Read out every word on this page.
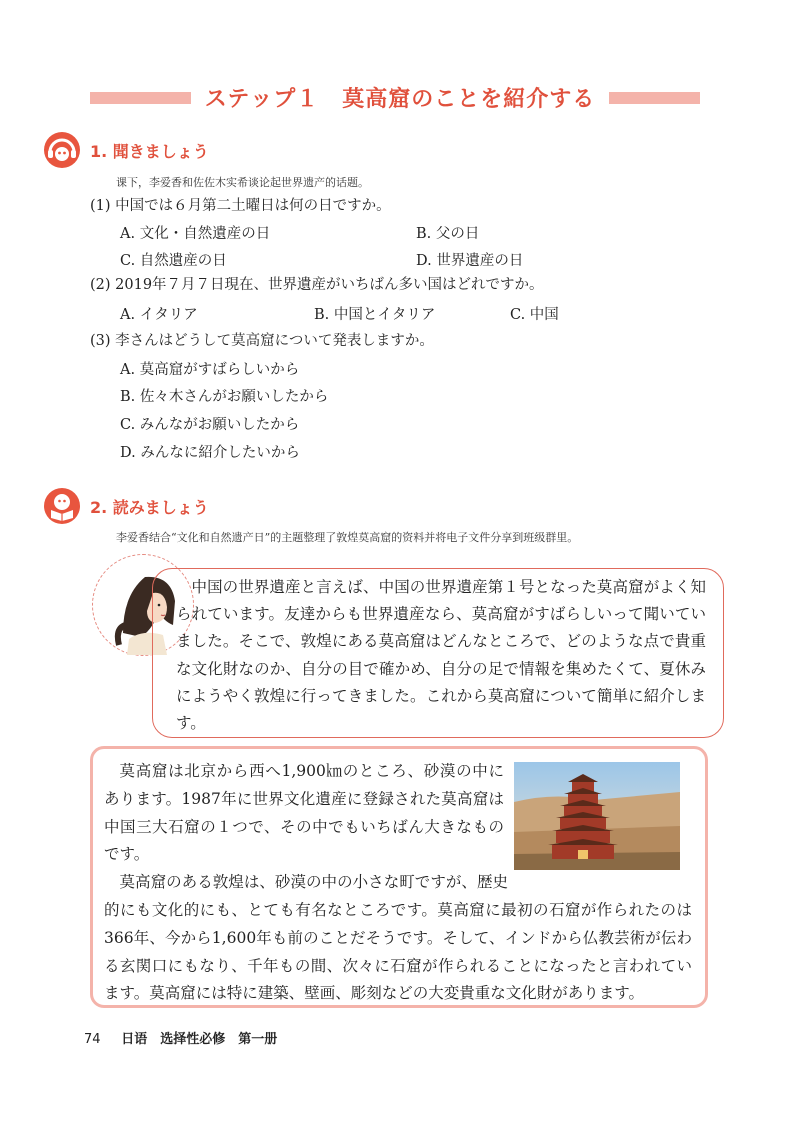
ステップ１　莫高窟のことを紹介する
1. 聞きましょう
课下，李爱香和佐佐木实希谈论起世界遗产的话题。
(1) 中国では６月第二土曜日は何の日ですか。
A. 文化・自然遺産の日	B. 父の日
C. 自然遺産の日	D. 世界遺産の日
(2) 2019年７月７日現在、世界遺産がいちばん多い国はどれですか。
A. イタリア	B. 中国とイタリア	C. 中国
(3) 李さんはどうして莫高窟について発表しますか。
A. 莫高窟がすばらしいから
B. 佐々木さんがお願いしたから
C. みんながお願いしたから
D. みんなに紹介したいから
2. 読みましょう
李爱香结合“文化和自然遗产日”的主题整理了敦煌莫高窟的资料并将电子文件分享到班级群里。
中国の世界遺産と言えば、中国の世界遺産第１号となった莫高窟がよく知られています。友達からも世界遺産なら、莫高窟がすばらしいって聞いていました。そこで、敦煌にある莫高窟はどんなところで、どのような点で貴重な文化財なのか、自分の目で確かめ、自分の足で情報を集めたくて、夏休みにようやく敦煌に行ってきました。これから莫高窟について簡単に紹介します。

莫高窟は北京から西へ1,900㎞のところ、砂漠の中にあります。1987年に世界文化遺産に登録された莫高窟は中国三大石窟の１つで、その中でもいちばん大きなものです。

莫高窟のある敦煌は、砂漠の中の小さな町ですが、歴史的にも文化的にも、とても有名なところです。莫高窟に最初の石窟が作られたのは366年、今から1,600年も前のことだそうです。そして、インドから仏教芸術が伝わる玄関口にもなり、千年もの間、次々に石窟が作られることになったと言われています。莫高窟には特に建築、壁画、彫刻などの大変貴重な文化財があります。

74 日语　选择性必修　第一册
